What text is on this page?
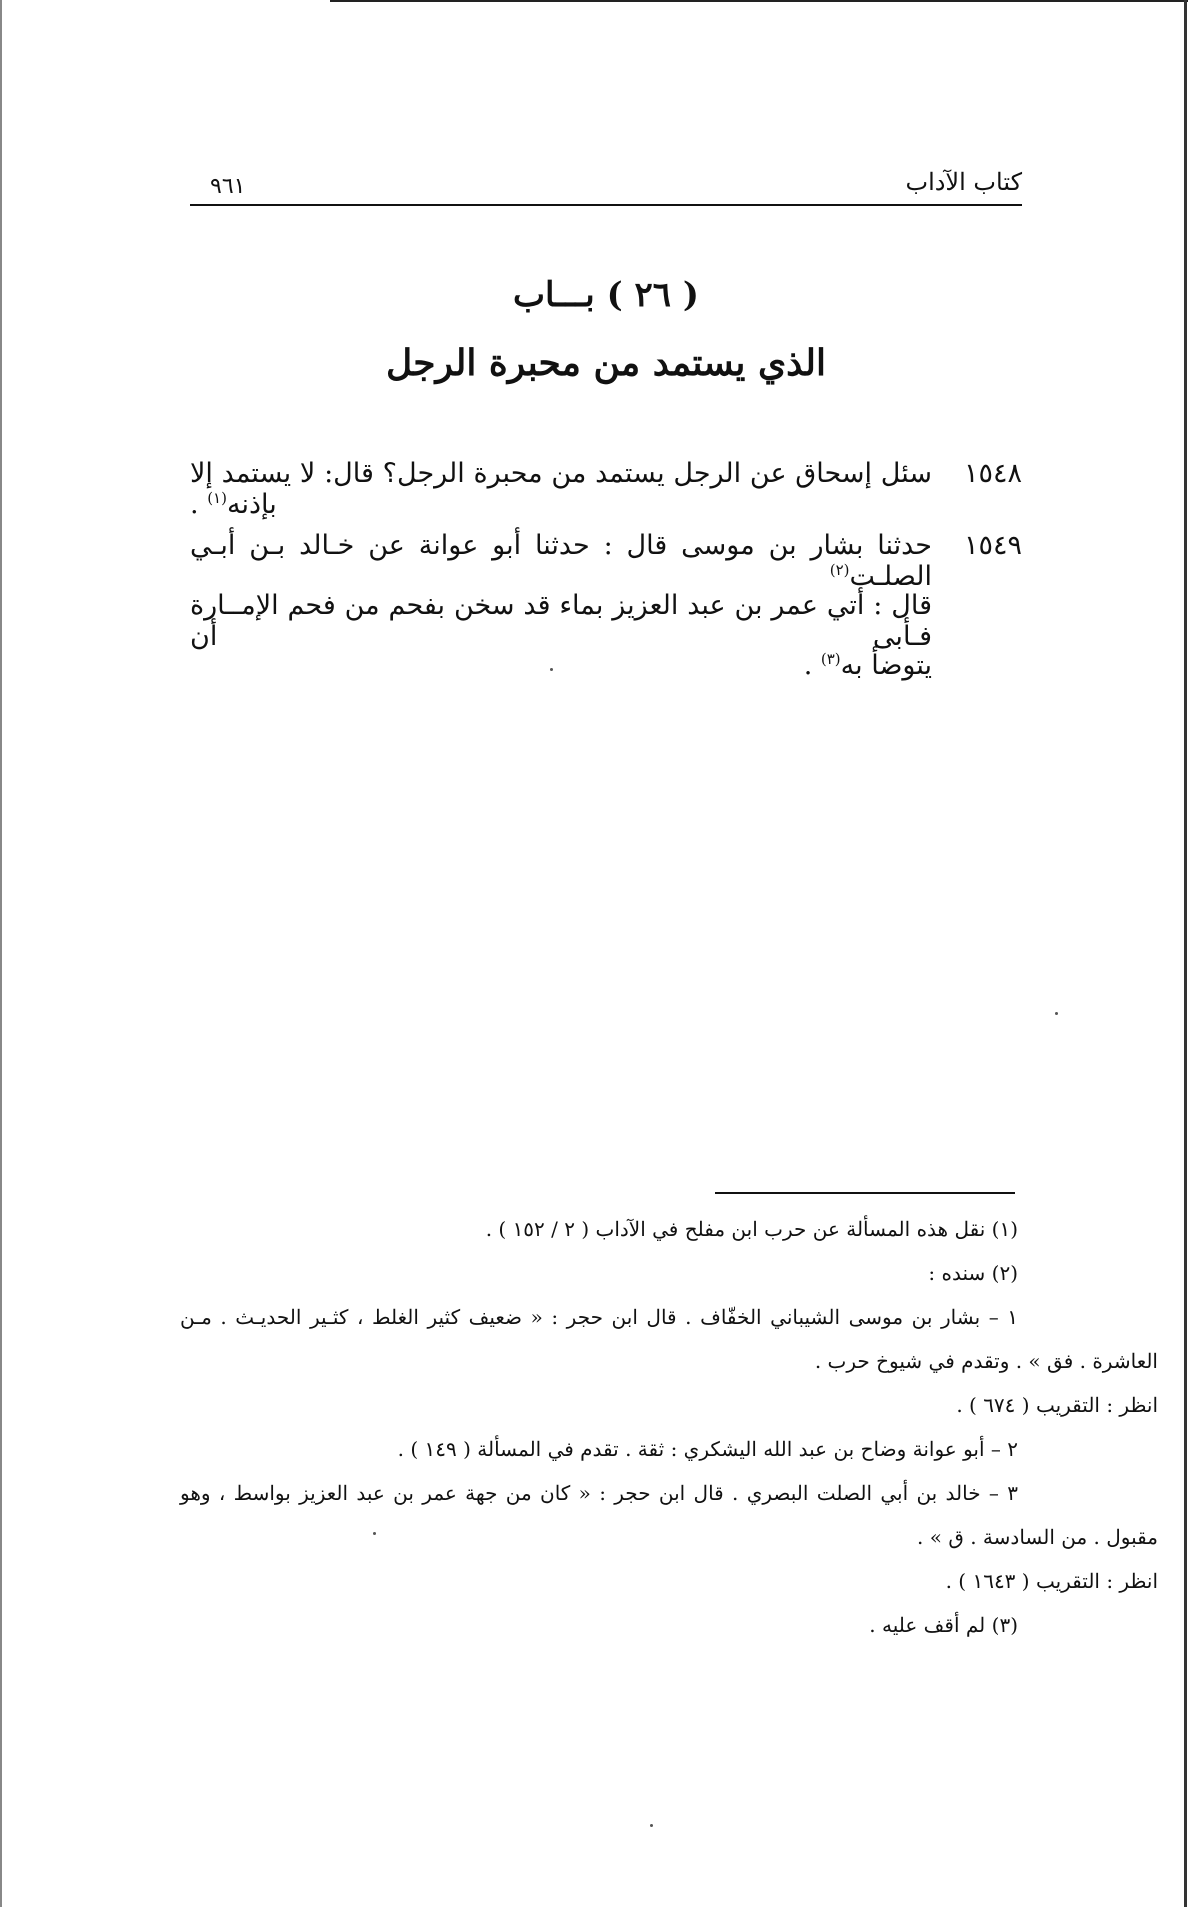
٩٦١	كتاب الآداب
( ٢٦ ) بـــاب
الذي يستمد من محبرة الرجل
١٥٤٨
سئل إسحاق عن الرجل يستمد من محبرة الرجل؟ قال: لا يستمد إلا بإذنه$^{(١)}$ .
١٥٤٩
حدثنا بشار بن موسى قال : حدثنا أبو عوانة عن خـالد بـن أبـي الصلـت$^{(٢)}$
قال : أتي عمر بن عبد العزيز بماء قد سخن بفحم من فحم الإمــارة فـأبى أن
يتوضأ به$^{(٣)}$ .
(١) نقل هذه المسألة عن حرب ابن مفلح في الآداب ( ٢ / ١٥٢ ) .
(٢) سنده :
١ – بشار بن موسى الشيباني الخفّاف . قال ابن حجر : « ضعيف كثير الغلط ، كثـير الحديـث . مـن
العاشرة . فق » . وتقدم في شيوخ حرب .
انظر : التقريب ( ٦٧٤ ) .
٢ – أبو عوانة وضاح بن عبد الله اليشكري : ثقة . تقدم في المسألة ( ١٤٩ ) .
٣ – خالد بن أبي الصلت البصري . قال ابن حجر : « كان من جهة عمر بن عبد العزيز بواسط ، وهو
مقبول . من السادسة . ق » .
انظر : التقريب ( ١٦٤٣ ) .
(٣) لم أقف عليه .
